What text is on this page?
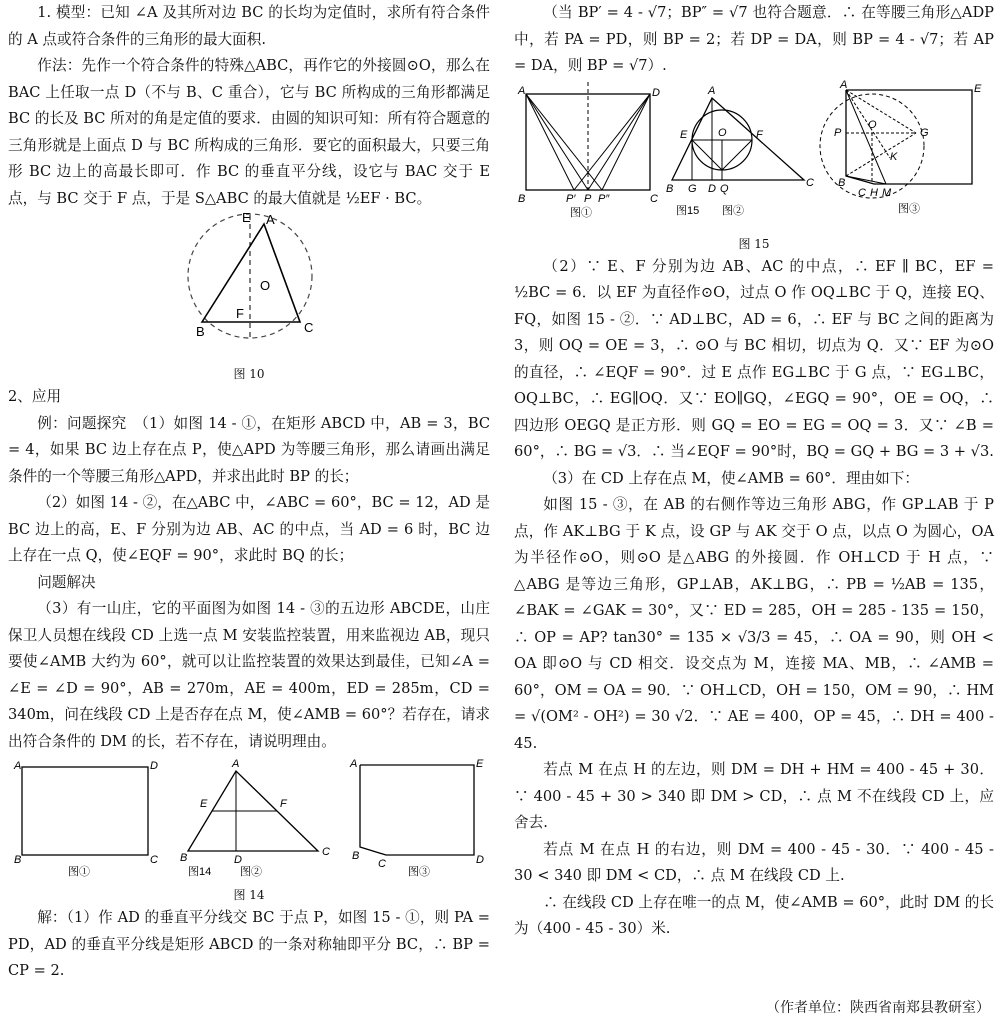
1. 模型：已知 ∠A 及其所对边 BC 的长均为定值时，求所有符合条件的 A 点或符合条件的三角形的最大面积.

作法：先作一个符合条件的特殊△ABC，再作它的外接圆⊙O，那么在 BAC 上任取一点 D（不与 B、C 重合），它与 BC 所构成的三角形都满足 BC 的长及 BC 所对的角是定值的要求．由圆的知识可知：所有符合题意的三角形就是上面点 D 与 BC 所构成的三角形．要它的面积最大，只要三角形 BC 边上的高最长即可．作 BC 的垂直平分线，设它与 BAC 交于 E 点，与 BC 交于 F 点，于是 S△ABC 的最大值就是 ½EF · BC。

E A
O
F
B	C
图 10

2、应用

例：问题探究　（1）如图 14 - ①，在矩形 ABCD 中，AB = 3，BC = 4，如果 BC 边上存在点 P，使△APD 为等腰三角形，那么请画出满足条件的一个等腰三角形△APD，并求出此时 BP 的长；

（2）如图 14 - ②，在△ABC 中，∠ABC = 60°，BC = 12，AD 是 BC 边上的高，E、F 分别为边 AB、AC 的中点，当 AD = 6 时，BC 边上存在一点 Q，使∠EQF = 90°，求此时 BQ 的长；

问题解决

（3）有一山庄，它的平面图为如图 14 - ③的五边形 ABCDE，山庄保卫人员想在线段 CD 上选一点 M 安装监控装置，用来监视边 AB，现只要使∠AMB 大约为 60°，就可以让监控装置的效果达到最佳，已知∠A = ∠E = ∠D = 90°，AB = 270m，AE = 400m，ED = 285m，CD = 340m，问在线段 CD 上是否存在点 M，使∠AMB = 60°？若存在，请求出符合条件的 DM 的长，若不存在，请说明理由。

A	D
B	C
图①
A
E	F
B	D
C
图14	图②
A	E
B
C	D
图③
图 14

解：（1）作 AD 的垂直平分线交 BC 于点 P，如图 15 - ①，则 PA = PD，AD 的垂直平分线是矩形 ABCD 的一条对称轴即平分 BC，∴ BP = CP = 2.

（当 BP′ = 4 - √7；BP″ = √7 也符合题意．∴ 在等腰三角形△ADP 中，若 PA = PD，则 BP = 2；若 DP = DA，则 BP = 4 - √7；若 AP = DA，则 BP = √7）.

A	D
B	P′ P P″	C
图①
A
E	O	F
B G D Q	C
图15 图②
A	E
P
O
G
K
B
C H M
图③
图 15

（2）∵ E、F 分别为边 AB、AC 的中点，∴ EF ∥ BC，EF = ½BC = 6．以 EF 为直径作⊙O，过点 O 作 OQ⊥BC 于 Q，连接 EQ、FQ，如图 15 - ②．∵ AD⊥BC，AD = 6，∴ EF 与 BC 之间的距离为 3，则 OQ = OE = 3，∴ ⊙O 与 BC 相切，切点为 Q．又∵ EF 为⊙O 的直径，∴ ∠EQF = 90°．过 E 点作 EG⊥BC 于 G 点，∵ EG⊥BC，OQ⊥BC，∴ EG∥OQ．又∵ EO∥GQ，∠EGQ = 90°，OE = OQ，∴ 四边形 OEGQ 是正方形．则 GQ = EO = EG = OQ = 3．又∵ ∠B = 60°，∴ BG = √3．∴ 当∠EQF = 90°时，BQ = GQ + BG = 3 + √3.

（3）在 CD 上存在点 M，使∠AMB = 60°．理由如下：

如图 15 - ③，在 AB 的右侧作等边三角形 ABG，作 GP⊥AB 于 P 点，作 AK⊥BG 于 K 点，设 GP 与 AK 交于 O 点，以点 O 为圆心，OA 为半径作⊙O，则⊙O 是△ABG 的外接圆．作 OH⊥CD 于 H 点，∵ △ABG 是等边三角形，GP⊥AB，AK⊥BG，∴ PB = ½AB = 135，∠BAK = ∠GAK = 30°，又∵ ED = 285，OH = 285 - 135 = 150，∴ OP = AP? tan30° = 135 × √3/3 = 45，∴ OA = 90，则 OH < OA 即⊙O 与 CD 相交．设交点为 M，连接 MA、MB，∴ ∠AMB = 60°，OM = OA = 90．∵ OH⊥CD，OH = 150，OM = 90，∴ HM = √(OM² - OH²) = 30 √2．∵ AE = 400，OP = 45，∴ DH = 400 - 45.

若点 M 在点 H 的左边，则 DM = DH + HM = 400 - 45 + 30．∵ 400 - 45 + 30 > 340 即 DM > CD，∴ 点 M 不在线段 CD 上，应舍去.

若点 M 在点 H 的右边，则 DM = 400 - 45 - 30．∵ 400 - 45 - 30 < 340 即 DM < CD，∴ 点 M 在线段 CD 上.

∴ 在线段 CD 上存在唯一的点 M，使∠AMB = 60°，此时 DM 的长为（400 - 45 - 30）米.

（作者单位：陕西省南郑县教研室）
